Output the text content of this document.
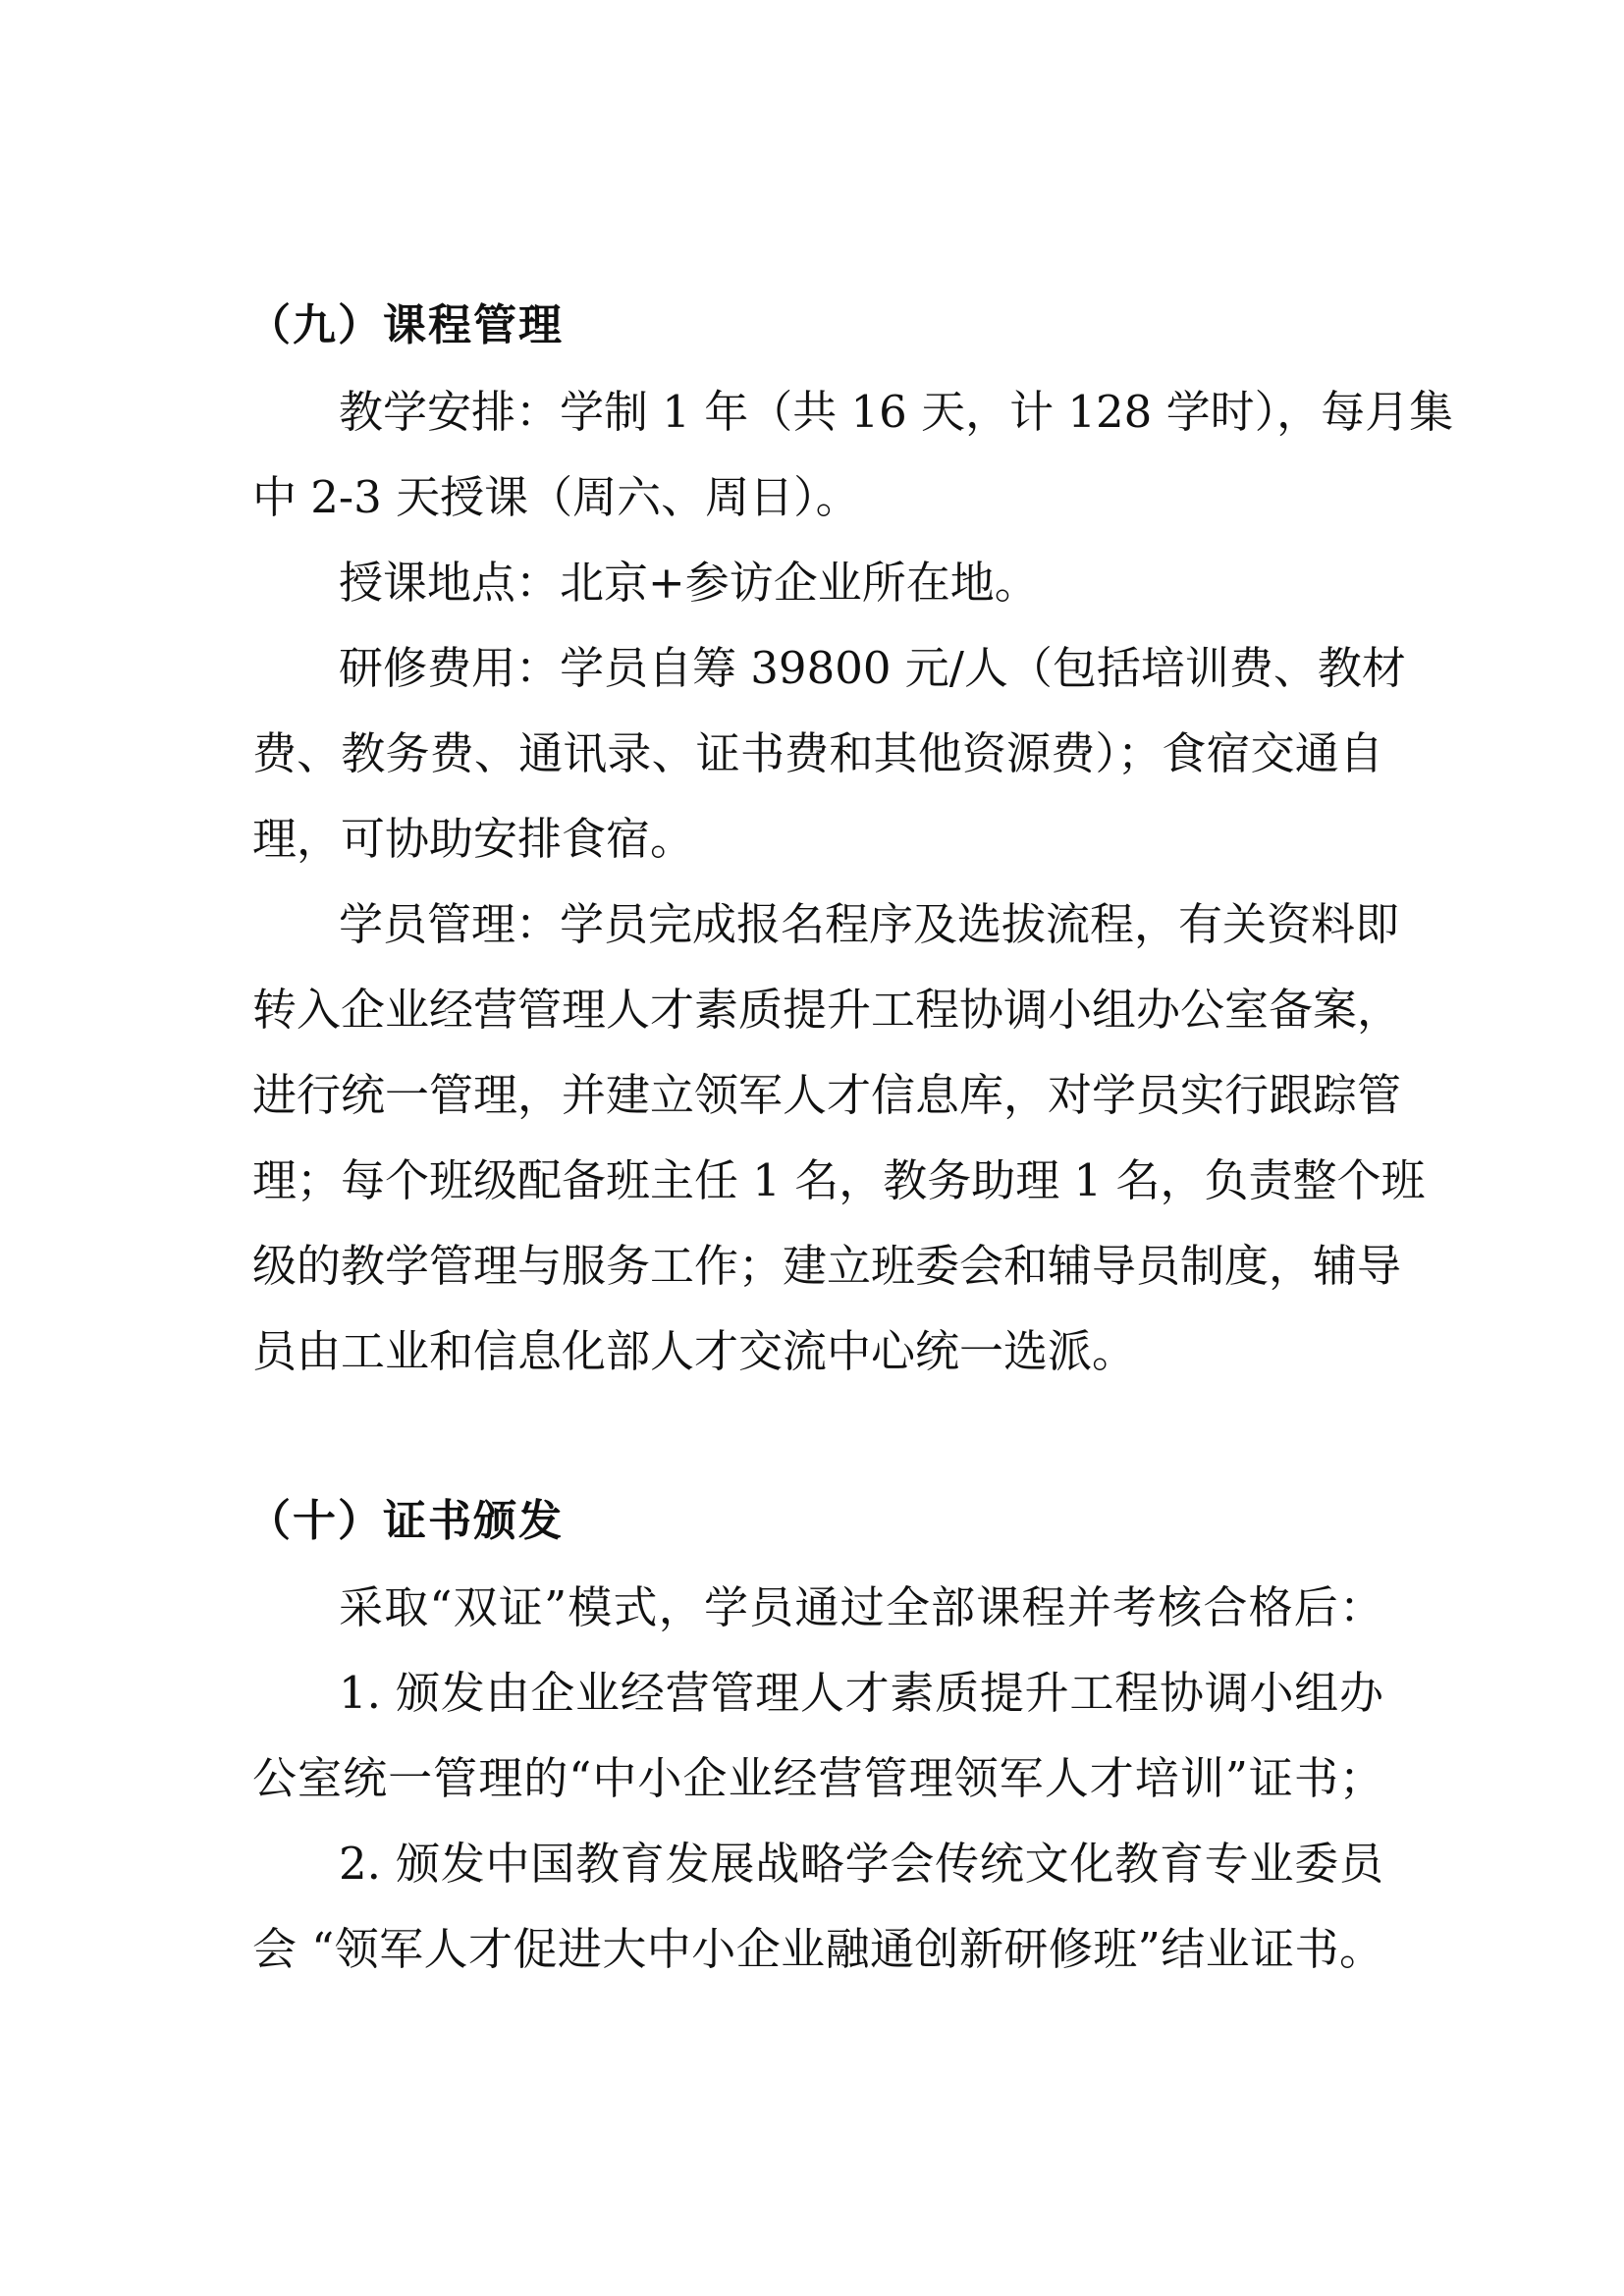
（九）课程管理
教学安排：学制 1 年（共 16 天，计 128 学时），每月集
中 2-3 天授课（周六、周日）。
授课地点：北京+参访企业所在地。
研修费用：学员自筹 39800 元/人（包括培训费、教材
费、教务费、通讯录、证书费和其他资源费）；食宿交通自
理，可协助安排食宿。
学员管理：学员完成报名程序及选拔流程，有关资料即
转入企业经营管理人才素质提升工程协调小组办公室备案，
进行统一管理，并建立领军人才信息库，对学员实行跟踪管
理；每个班级配备班主任 1 名，教务助理 1 名，负责整个班
级的教学管理与服务工作；建立班委会和辅导员制度，辅导
员由工业和信息化部人才交流中心统一选派。
（十）证书颁发
采取“双证”模式，学员通过全部课程并考核合格后：
1. 颁发由企业经营管理人才素质提升工程协调小组办
公室统一管理的“中小企业经营管理领军人才培训”证书；
2. 颁发中国教育发展战略学会传统文化教育专业委员
会 “领军人才促进大中小企业融通创新研修班”结业证书。
